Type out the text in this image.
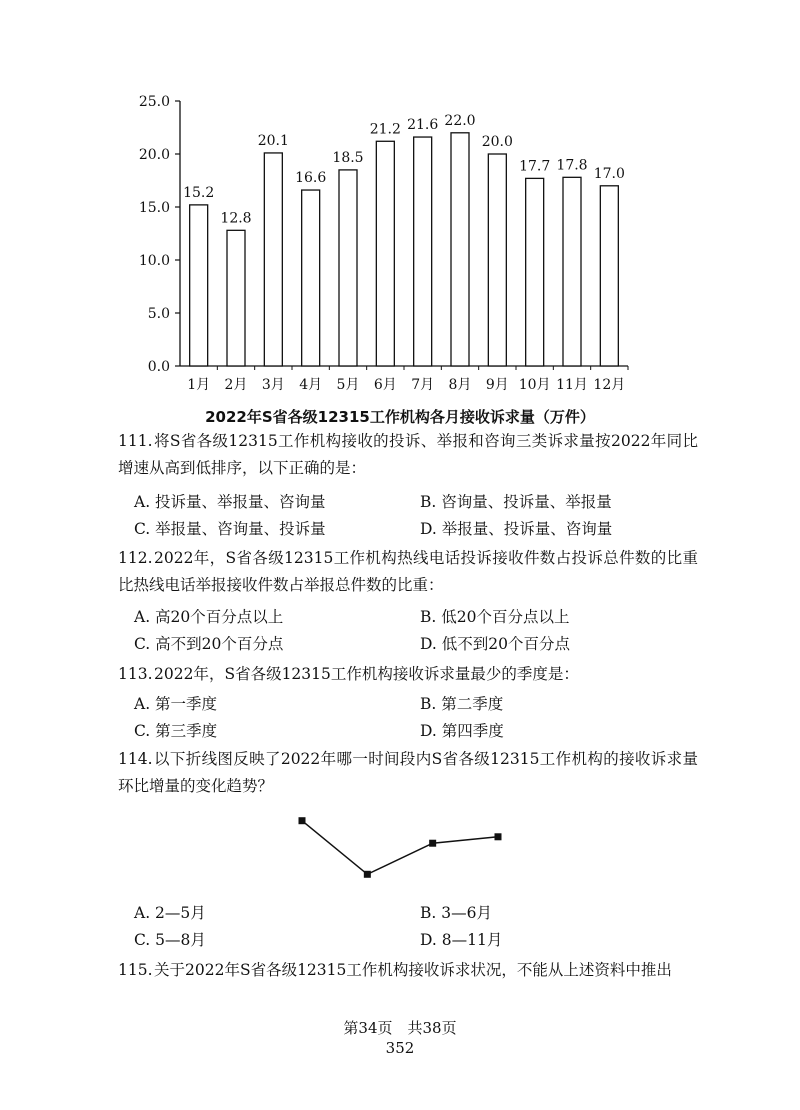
0.0
5.0
10.0
15.0
20.0
25.0
15.2
12.8
20.1
16.6
18.5
21.2 21.6 22.0
20.0
17.7 17.8
17.0
1月 2月 3月 4月 5月 6月 7月 8月 9月 10月 11月 12月
2022年S省各级12315工作机构各月接收诉求量（万件）
111. 将S省各级12315工作机构接收的投诉、举报和咨询三类诉求量按2022年同比增速从高到低排序，以下正确的是：
A. 投诉量、举报量、咨询量	B. 咨询量、投诉量、举报量
C. 举报量、咨询量、投诉量	D. 举报量、投诉量、咨询量
112. 2022年，S省各级12315工作机构热线电话投诉接收件数占投诉总件数的比重比热线电话举报接收件数占举报总件数的比重：
A. 高20个百分点以上	B. 低20个百分点以上
C. 高不到20个百分点	D. 低不到20个百分点
113. 2022年，S省各级12315工作机构接收诉求量最少的季度是：
A. 第一季度	B. 第二季度
C. 第三季度	D. 第四季度
114. 以下折线图反映了2022年哪一时间段内S省各级12315工作机构的接收诉求量环比增量的变化趋势？
A. 2—5月	B. 3—6月
C. 5—8月	D. 8—11月
115. 关于2022年S省各级12315工作机构接收诉求状况，不能从上述资料中推出
第34页　共38页
352
